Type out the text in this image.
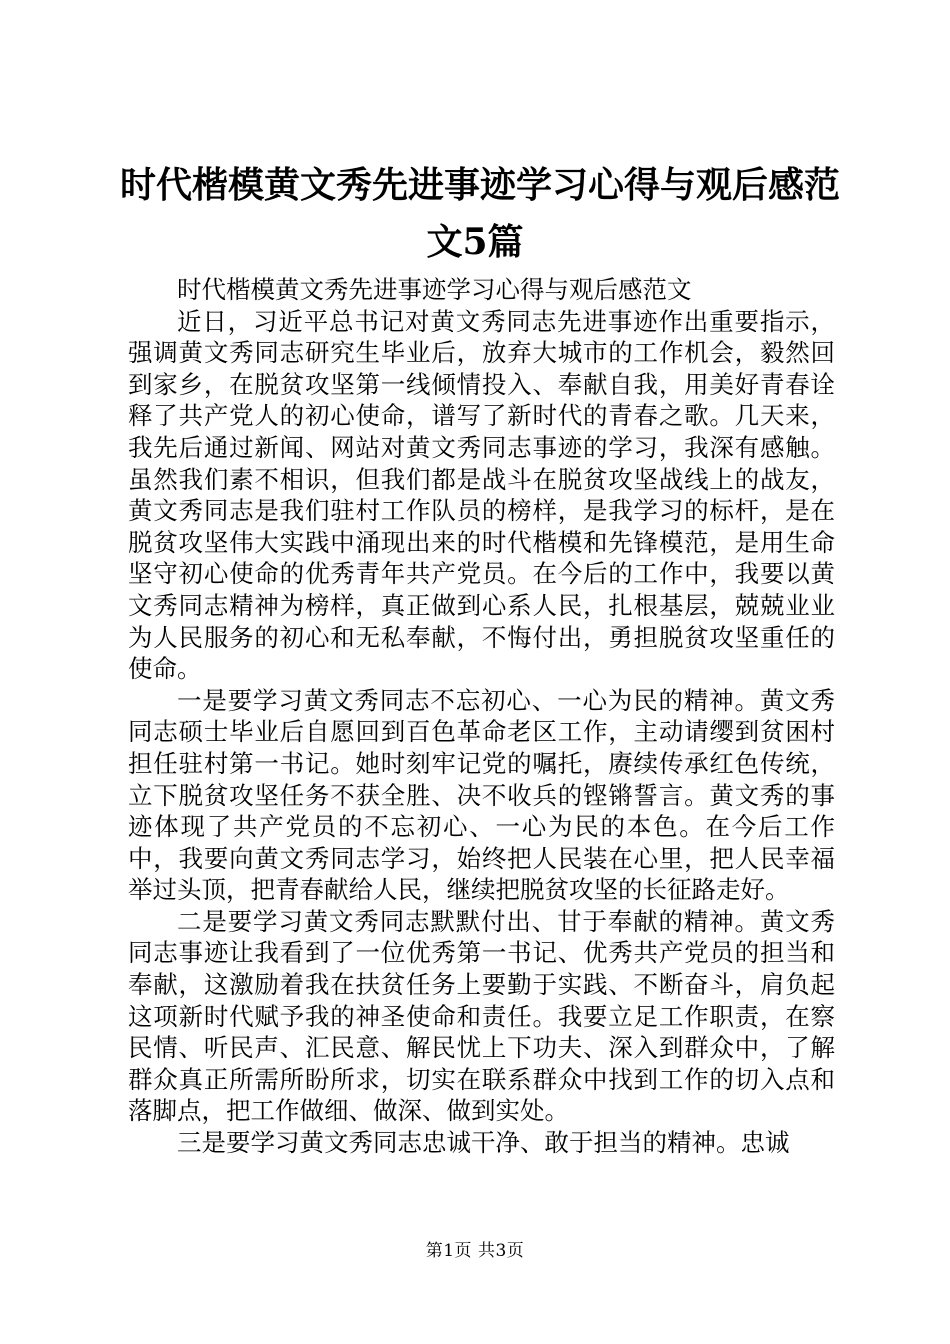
时代楷模黄文秀先进事迹学习心得与观后感范
文5篇

时代楷模黄文秀先进事迹学习心得与观后感范文

近日，习近平总书记对黄文秀同志先进事迹作出重要指示，强调黄文秀同志研究生毕业后，放弃大城市的工作机会，毅然回到家乡，在脱贫攻坚第一线倾情投入、奉献自我，用美好青春诠释了共产党人的初心使命，谱写了新时代的青春之歌。几天来，我先后通过新闻、网站对黄文秀同志事迹的学习，我深有感触。虽然我们素不相识，但我们都是战斗在脱贫攻坚战线上的战友，黄文秀同志是我们驻村工作队员的榜样，是我学习的标杆，是在脱贫攻坚伟大实践中涌现出来的时代楷模和先锋模范，是用生命坚守初心使命的优秀青年共产党员。在今后的工作中，我要以黄文秀同志精神为榜样，真正做到心系人民，扎根基层，兢兢业业为人民服务的初心和无私奉献，不悔付出，勇担脱贫攻坚重任的使命。

一是要学习黄文秀同志不忘初心、一心为民的精神。黄文秀同志硕士毕业后自愿回到百色革命老区工作，主动请缨到贫困村担任驻村第一书记。她时刻牢记党的嘱托，赓续传承红色传统，立下脱贫攻坚任务不获全胜、决不收兵的铿锵誓言。黄文秀的事迹体现了共产党员的不忘初心、一心为民的本色。在今后工作中，我要向黄文秀同志学习，始终把人民装在心里，把人民幸福举过头顶，把青春献给人民，继续把脱贫攻坚的长征路走好。

二是要学习黄文秀同志默默付出、甘于奉献的精神。黄文秀同志事迹让我看到了一位优秀第一书记、优秀共产党员的担当和奉献，这激励着我在扶贫任务上要勤于实践、不断奋斗，肩负起这项新时代赋予我的神圣使命和责任。我要立足工作职责，在察民情、听民声、汇民意、解民忧上下功夫、深入到群众中，了解群众真正所需所盼所求，切实在联系群众中找到工作的切入点和落脚点，把工作做细、做深、做到实处。

三是要学习黄文秀同志忠诚干净、敢于担当的精神。忠诚

第1页 共3页
